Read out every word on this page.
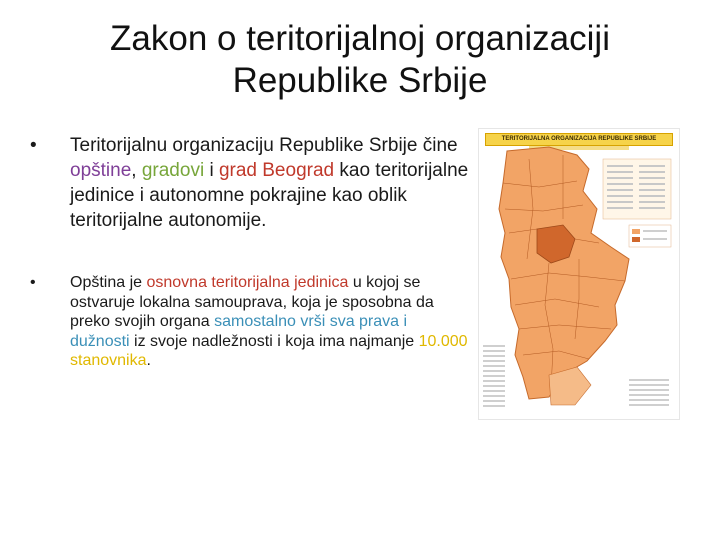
Zakon o teritorijalnoj organizaciji
Republike Srbije
• Teritorijalnu organizaciju Republike Srbije čine opštine, gradovi i grad Beograd kao teritorijalne jedinice i autonomne pokrajine kao oblik teritorijalne autonomije.
• Opština je osnovna teritorijalna jedinica u kojoj se ostvaruje lokalna samouprava, koja je sposobna da preko svojih organa samostalno vrši sva prava i dužnosti iz svoje nadležnosti i koja ima najmanje 10.000
stanovnika.
TERITORIJALNA ORGANIZACIJA REPUBLIKE SRBIJE
